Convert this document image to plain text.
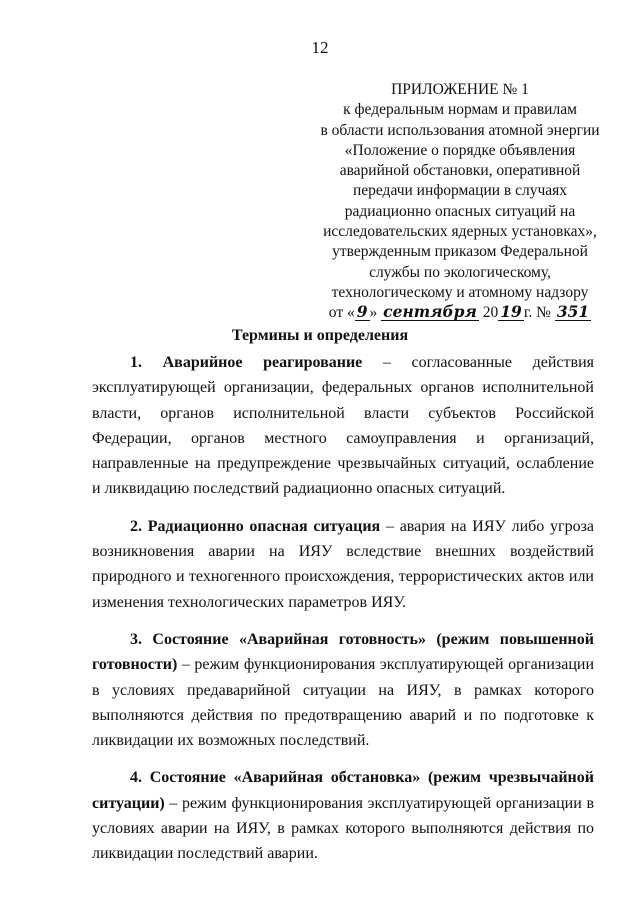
12
ПРИЛОЖЕНИЕ № 1
к федеральным нормам и правилам
в области использования атомной энергии
«Положение о порядке объявления
аварийной обстановки, оперативной
передачи информации в случаях
радиационно опасных ситуаций на
исследовательских ядерных установках»,
утвержденным приказом Федеральной
службы по экологическому,
технологическому и атомному надзору
от « 9 » сентября 20 19 г. № 351
Термины и определения

1. Аварийное реагирование – согласованные действия эксплуатирующей организации, федеральных органов исполнительной власти, органов исполнительной власти субъектов Российской Федерации, органов местного самоуправления и организаций, направленные на предупреждение чрезвычайных ситуаций, ослабление и ликвидацию последствий радиационно опасных ситуаций.

2. Радиационно опасная ситуация – авария на ИЯУ либо угроза возникновения аварии на ИЯУ вследствие внешних воздействий природного и техногенного происхождения, террористических актов или изменения технологических параметров ИЯУ.

3. Состояние «Аварийная готовность» (режим повышенной готовности) – режим функционирования эксплуатирующей организации в условиях предаварийной ситуации на ИЯУ, в рамках которого выполняются действия по предотвращению аварий и по подготовке к ликвидации их возможных последствий.

4. Состояние «Аварийная обстановка» (режим чрезвычайной ситуации) – режим функционирования эксплуатирующей организации в условиях аварии на ИЯУ, в рамках которого выполняются действия по ликвидации последствий аварии.
